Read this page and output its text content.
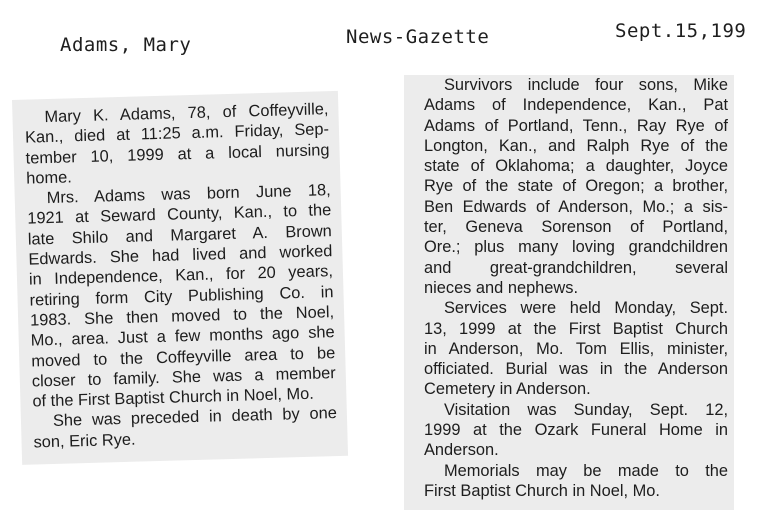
Adams, Mary	News-Gazette	Sept.15,199

Mary K. Adams, 78, of Coffeyville,
Kan., died at 11:25 a.m. Friday, Sep-
tember 10, 1999 at a local nursing
home.

Mrs. Adams was born June 18,
1921 at Seward County, Kan., to the
late Shilo and Margaret A. Brown
Edwards. She had lived and worked
in Independence, Kan., for 20 years,
retiring form City Publishing Co. in
1983. She then moved to the Noel,
Mo., area. Just a few months ago she
moved to the Coffeyville area to be
closer to family. She was a member
of the First Baptist Church in Noel, Mo.

She was preceded in death by one
son, Eric Rye.

Survivors include four sons, Mike
Adams of Independence, Kan., Pat
Adams of Portland, Tenn., Ray Rye of
Longton, Kan., and Ralph Rye of the
state of Oklahoma; a daughter, Joyce
Rye of the state of Oregon; a brother,
Ben Edwards of Anderson, Mo.; a sis-
ter, Geneva Sorenson of Portland,
Ore.; plus many loving grandchildren
and great-grandchildren, several
nieces and nephews.

Services were held Monday, Sept.
13, 1999 at the First Baptist Church
in Anderson, Mo. Tom Ellis, minister,
officiated. Burial was in the Anderson
Cemetery in Anderson.

Visitation was Sunday, Sept. 12,
1999 at the Ozark Funeral Home in
Anderson.

Memorials may be made to the
First Baptist Church in Noel, Mo.
